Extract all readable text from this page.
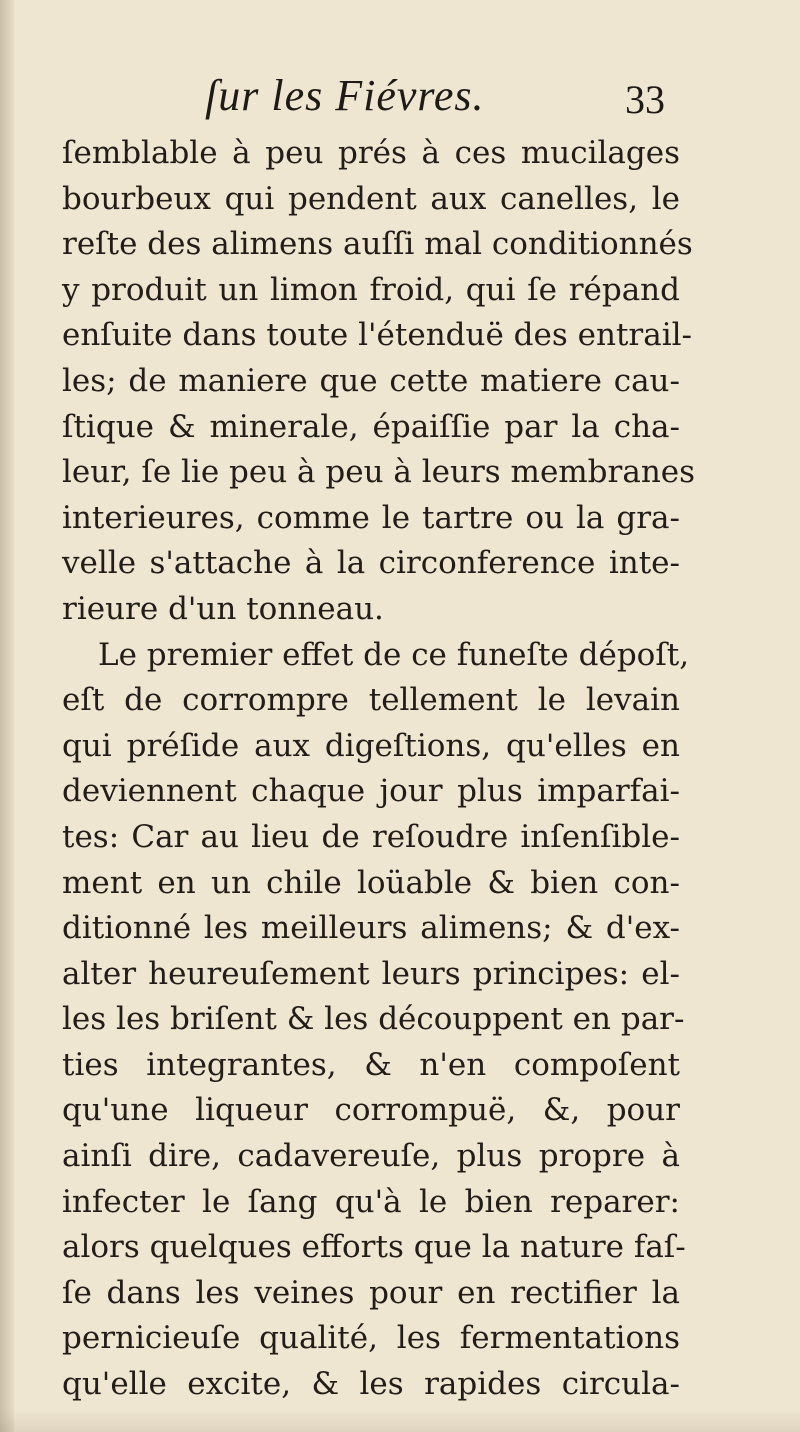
ſur les Fiévres.	33
ſemblable à peu prés à ces mucilages
bourbeux qui pendent aux canelles, le
reſte des alimens auſſi mal conditionnés
y produit un limon froid, qui ſe répand
enſuite dans toute l'étenduë des entrail-
les; de maniere que cette matiere cau-
ſtique & minerale, épaiſſie par la cha-
leur, ſe lie peu à peu à leurs membranes
interieures, comme le tartre ou la gra-
velle s'attache à la circonference inte-
rieure d'un tonneau.
Le premier effet de ce funeſte dépoſt,
eſt de corrompre tellement le levain
qui préſide aux digeſtions, qu'elles en
deviennent chaque jour plus imparfai-
tes: Car au lieu de reſoudre inſenſible-
ment en un chile loüable & bien con-
ditionné les meilleurs alimens; & d'ex-
alter heureuſement leurs principes: el-
les les briſent & les découppent en par-
ties integrantes, & n'en compoſent
qu'une liqueur corrompuë, &, pour
ainſi dire, cadavereuſe, plus propre à
infecter le ſang qu'à le bien reparer:
alors quelques efforts que la nature faſ-
ſe dans les veines pour en rectifier la
pernicieuſe qualité, les fermentations
qu'elle excite, & les rapides circula-
